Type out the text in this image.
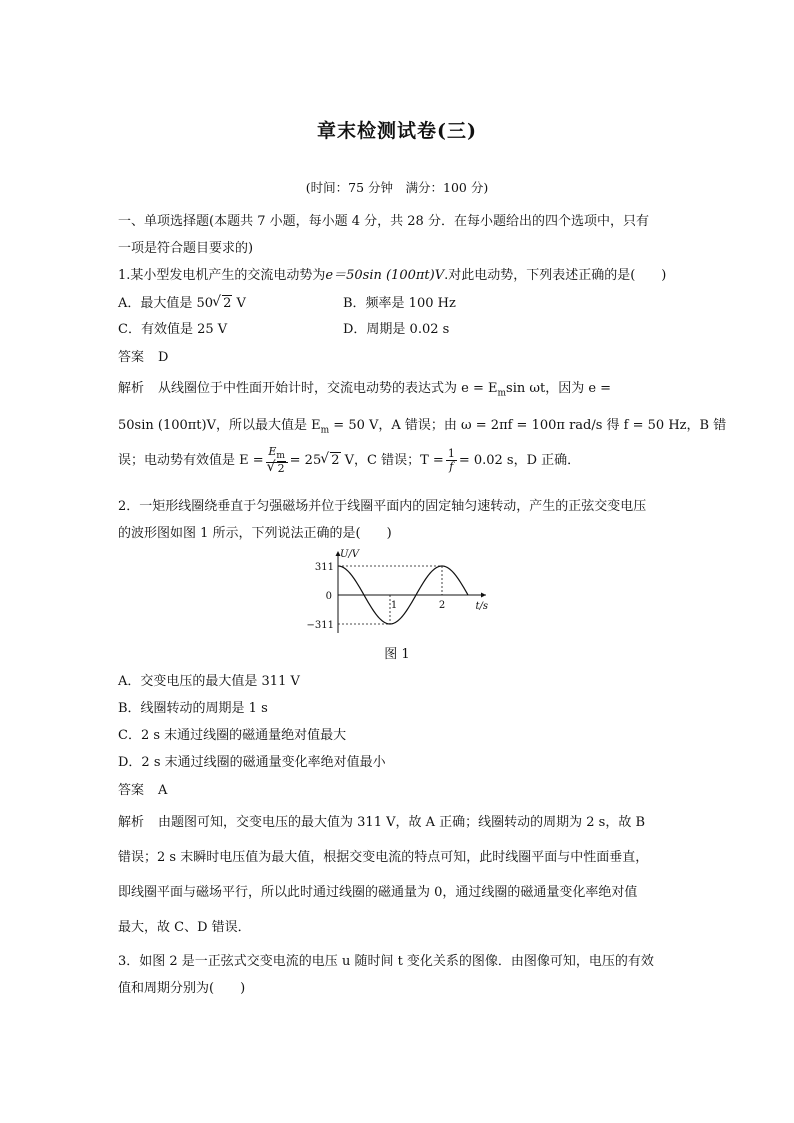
章末检测试卷(三)
(时间：75 分钟　满分：100 分)
一、单项选择题(本题共 7 小题，每小题 4 分，共 28 分．在每小题给出的四个选项中，只有
一项是符合题目要求的)
1.某小型发电机产生的交流电动势为e＝50sin (100πt)V.对此电动势，下列表述正确的是(　　)
A．最大值是 50 √ 2 V	B．频率是 100 Hz
C．有效值是 25 V	D．周期是 0.02 s
答案 D
解析 从线圈位于中性面开始计时，交流电动势的表达式为 $e = E_m\sin$ ωt，因为 e =
50sin (100πt)V，所以最大值是 $E_m = 50$ V，A 错误；由 ω = 2πf = 100π rad/s 得 f = 50 Hz，B 错
误；电动势有效值是 $E = E_m$
√ 2 = 25 √ 2 V，C 错误；$T = \frac{1}{f} = 0.02$ s，D 正确．
2．一矩形线圈绕垂直于匀强磁场并位于线圈平面内的固定轴匀速转动，产生的正弦交变电压
的波形图如图 1 所示，下列说法正确的是(　　)
U/V
t/s
311
0
−311
1	2
图 1
A．交变电压的最大值是 311 V
B．线圈转动的周期是 1 s
C．2 s 末通过线圈的磁通量绝对值最大
D．2 s 末通过线圈的磁通量变化率绝对值最小
答案 A
解析 由题图可知，交变电压的最大值为 311 V，故 A 正确；线圈转动的周期为 2 s，故 B
错误；2 s 末瞬时电压值为最大值，根据交变电流的特点可知，此时线圈平面与中性面垂直，
即线圈平面与磁场平行，所以此时通过线圈的磁通量为 0，通过线圈的磁通量变化率绝对值
最大，故 C、D 错误．
3．如图 2 是一正弦式交变电流的电压 u 随时间 t 变化关系的图像．由图像可知，电压的有效
值和周期分别为(　　)
